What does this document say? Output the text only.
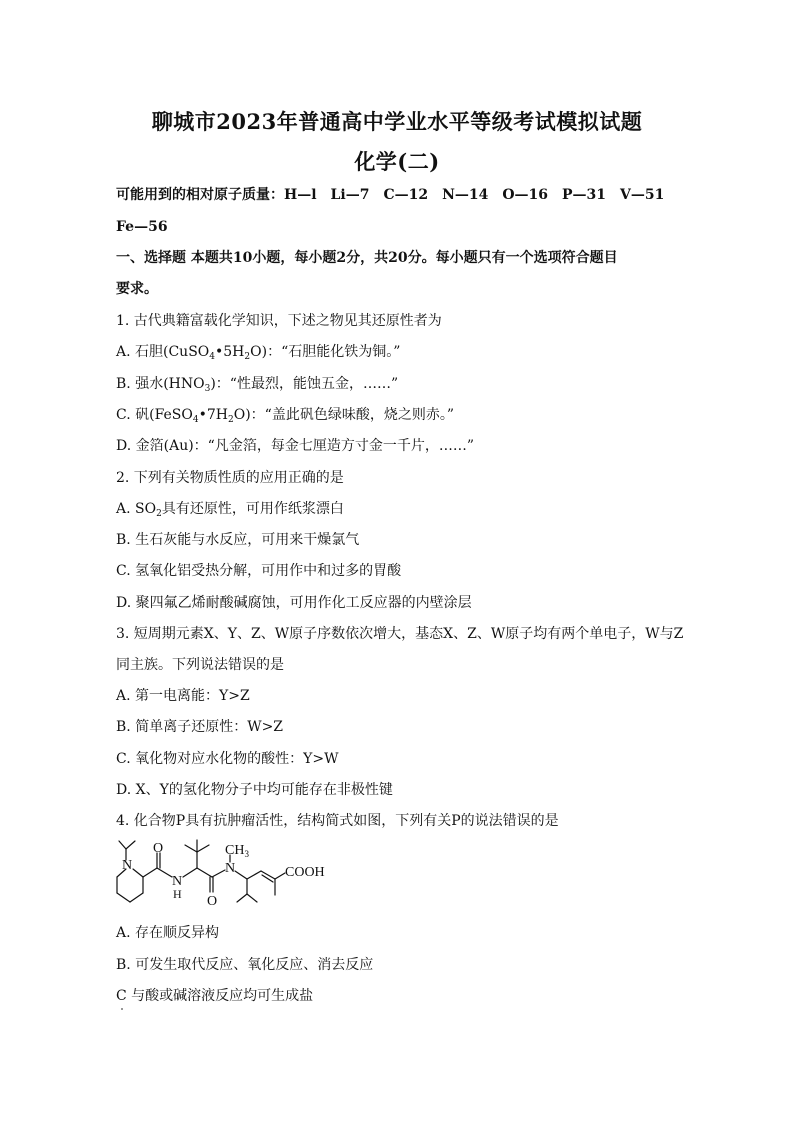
聊城市2023年普通高中学业水平等级考试模拟试题
化学(二)
可能用到的相对原子质量：H—l　Li—7　C—12　N—14　O—16　P—31　V—51
Fe—56
一、选择题 本题共10小题，每小题2分，共20分。每小题只有一个选项符合题目
要求。
1. 古代典籍富载化学知识，下述之物见其还原性者为
A. 石胆$(CuSO_4•5H_2O)$：“石胆能化铁为铜。”
B. 强水$(HNO_3)$：“性最烈，能蚀五金，……”
C. 矾$(FeSO_4•7H_2O)$：“盖此矾色绿味酸，烧之则赤。”
D. 金箔(Au)：“凡金箔，每金七厘造方寸金一千片，……”
2. 下列有关物质性质的应用正确的是
A. $SO_2$具有还原性，可用作纸浆漂白
B. 生石灰能与水反应，可用来干燥氯气
C. 氢氧化铝受热分解，可用作中和过多的胃酸
D. 聚四氟乙烯耐酸碱腐蚀，可用作化工反应器的内壁涂层
3. 短周期元素X、Y、Z、W原子序数依次增大，基态X、Z、W原子均有两个单电子，W与Z
同主族。下列说法错误的是
A. 第一电离能：Y>Z
B. 简单离子还原性：W>Z
C. 氧化物对应水化物的酸性：Y>W
D. X、Y的氢化物分子中均可能存在非极性键
4. 化合物P具有抗肿瘤活性，结构简式如图，下列有关P的说法错误的是
N
N
H
O
N
O
$CH_3$
COOH
A. 存在顺反异构
B. 可发生取代反应、氧化反应、消去反应
C 与酸或碱溶液反应均可生成盐
